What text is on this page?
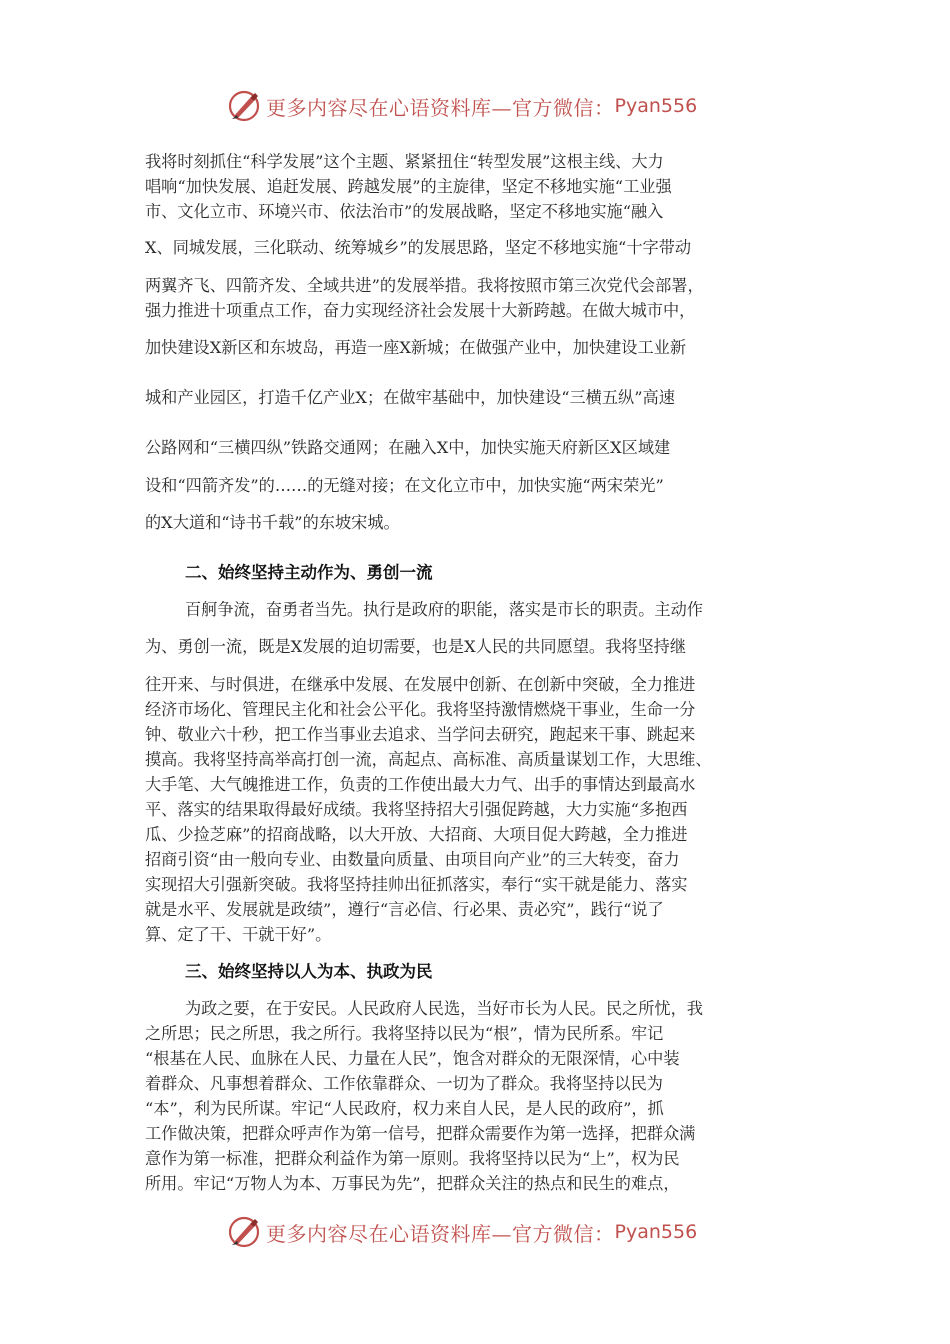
更多内容尽在心语资料库—官方微信： Pyan556
我将时刻抓住“科学发展”这个主题、紧紧扭住“转型发展”这根主线、大力
唱响“加快发展、追赶发展、跨越发展”的主旋律，坚定不移地实施“工业强
市、文化立市、环境兴市、依法治市”的发展战略，坚定不移地实施“融入
X、同城发展，三化联动、统筹城乡”的发展思路，坚定不移地实施“十字带动
两翼齐飞、四箭齐发、全域共进”的发展举措。我将按照市第三次党代会部署，
强力推进十项重点工作，奋力实现经济社会发展十大新跨越。在做大城市中，
加快建设X新区和东坡岛，再造一座X新城；在做强产业中，加快建设工业新
城和产业园区，打造千亿产业X；在做牢基础中，加快建设“三横五纵”高速
公路网和“三横四纵”铁路交通网；在融入X中，加快实施天府新区X区域建
设和“四箭齐发”的……的无缝对接；在文化立市中，加快实施“两宋荣光”
的X大道和“诗书千载”的东坡宋城。
二、始终坚持主动作为、勇创一流
百舸争流，奋勇者当先。执行是政府的职能，落实是市长的职责。主动作
为、勇创一流，既是X发展的迫切需要，也是X人民的共同愿望。我将坚持继
往开来、与时俱进，在继承中发展、在发展中创新、在创新中突破，全力推进
经济市场化、管理民主化和社会公平化。我将坚持激情燃烧干事业，生命一分
钟、敬业六十秒，把工作当事业去追求、当学问去研究，跑起来干事、跳起来
摸高。我将坚持高举高打创一流，高起点、高标准、高质量谋划工作，大思维、
大手笔、大气魄推进工作，负责的工作使出最大力气、出手的事情达到最高水
平、落实的结果取得最好成绩。我将坚持招大引强促跨越，大力实施“多抱西
瓜、少捡芝麻”的招商战略，以大开放、大招商、大项目促大跨越，全力推进
招商引资“由一般向专业、由数量向质量、由项目向产业”的三大转变，奋力
实现招大引强新突破。我将坚持挂帅出征抓落实，奉行“实干就是能力、落实
就是水平、发展就是政绩”，遵行“言必信、行必果、责必究”，践行“说了
算、定了干、干就干好”。
三、始终坚持以人为本、执政为民
为政之要，在于安民。人民政府人民选，当好市长为人民。民之所忧，我
之所思；民之所思，我之所行。我将坚持以民为“根”，情为民所系。牢记
“根基在人民、血脉在人民、力量在人民”，饱含对群众的无限深情，心中装
着群众、凡事想着群众、工作依靠群众、一切为了群众。我将坚持以民为
“本”，利为民所谋。牢记“人民政府，权力来自人民，是人民的政府”，抓
工作做决策，把群众呼声作为第一信号，把群众需要作为第一选择，把群众满
意作为第一标准，把群众利益作为第一原则。我将坚持以民为“上”，权为民
所用。牢记“万物人为本、万事民为先”，把群众关注的热点和民生的难点，
更多内容尽在心语资料库—官方微信： Pyan556
